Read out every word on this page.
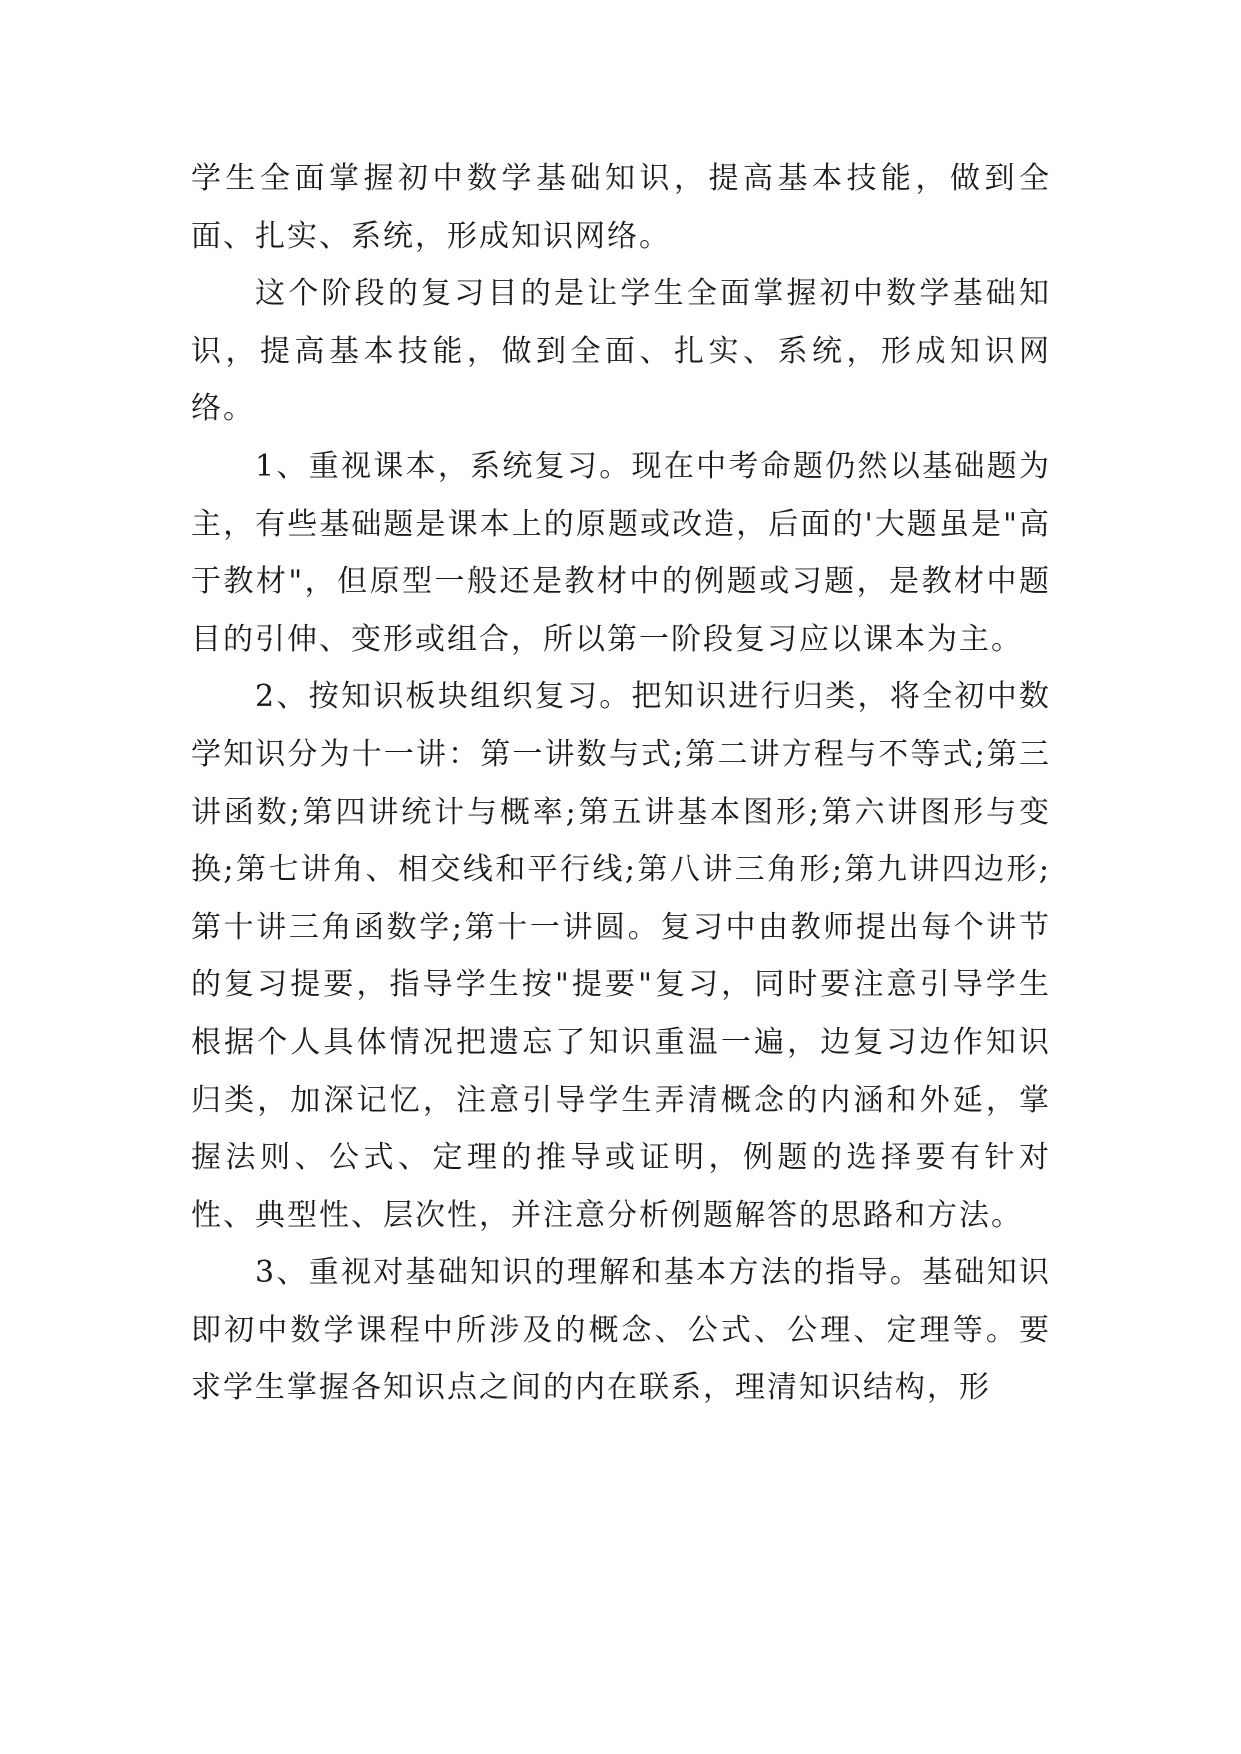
学生全面掌握初中数学基础知识，提高基本技能，做到全面、扎实、系统，形成知识网络。

这个阶段的复习目的是让学生全面掌握初中数学基础知识，提高基本技能，做到全面、扎实、系统，形成知识网络。

1、重视课本，系统复习。现在中考命题仍然以基础题为主，有些基础题是课本上的原题或改造，后面的'大题虽是"高于教材"，但原型一般还是教材中的例题或习题，是教材中题目的引伸、变形或组合，所以第一阶段复习应以课本为主。

2、按知识板块组织复习。把知识进行归类，将全初中数学知识分为十一讲：第一讲数与式;第二讲方程与不等式;第三讲函数;第四讲统计与概率;第五讲基本图形;第六讲图形与变换;第七讲角、相交线和平行线;第八讲三角形;第九讲四边形;第十讲三角函数学;第十一讲圆。复习中由教师提出每个讲节的复习提要，指导学生按"提要"复习，同时要注意引导学生根据个人具体情况把遗忘了知识重温一遍，边复习边作知识归类，加深记忆，注意引导学生弄清概念的内涵和外延，掌握法则、公式、定理的推导或证明，例题的选择要有针对性、典型性、层次性，并注意分析例题解答的思路和方法。

3、重视对基础知识的理解和基本方法的指导。基础知识即初中数学课程中所涉及的概念、公式、公理、定理等。要求学生掌握各知识点之间的内在联系，理清知识结构，形
